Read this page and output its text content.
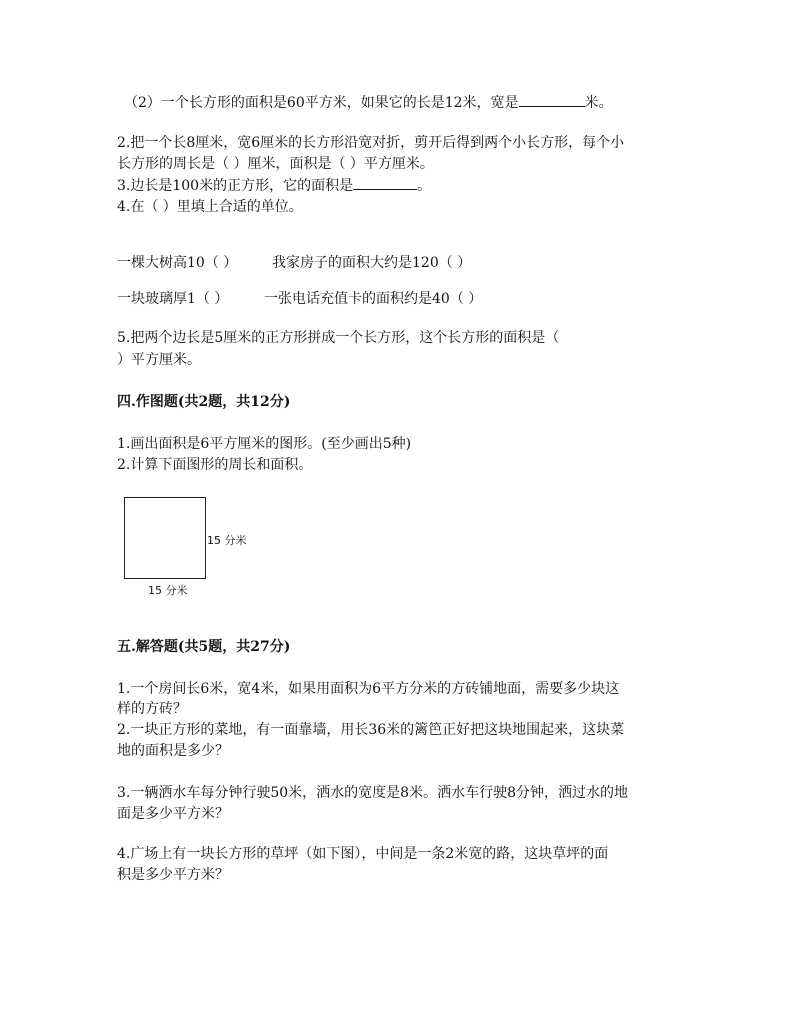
（2）一个长方形的面积是60平方米，如果它的长是12米，宽是	米。
2.把一个长8厘米，宽6厘米的长方形沿宽对折，剪开后得到两个小长方形，每个小
长方形的周长是（ ）厘米，面积是（ ）平方厘米。
3.边长是100米的正方形，它的面积是	。
4.在（ ）里填上合适的单位。
一棵大树高10（ ） 我家房子的面积大约是120（ ）
一块玻璃厚1（ ）	一张电话充值卡的面积约是40（ ）
5.把两个边长是5厘米的正方形拼成一个长方形，这个长方形的面积是（
）平方厘米。
四.作图题(共2题，共12分)
1.画出面积是6平方厘米的图形。(至少画出5种)
2.计算下面图形的周长和面积。
15 分米
15 分米
五.解答题(共5题，共27分)
1.一个房间长6米，宽4米，如果用面积为6平方分米的方砖铺地面，需要多少块这
样的方砖？
2.一块正方形的菜地，有一面靠墙，用长36米的篱笆正好把这块地围起来，这块菜
地的面积是多少？
3.一辆洒水车每分钟行驶50米，洒水的宽度是8米。洒水车行驶8分钟，洒过水的地
面是多少平方米？
4.广场上有一块长方形的草坪（如下图），中间是一条2米宽的路，这块草坪的面
积是多少平方米？
